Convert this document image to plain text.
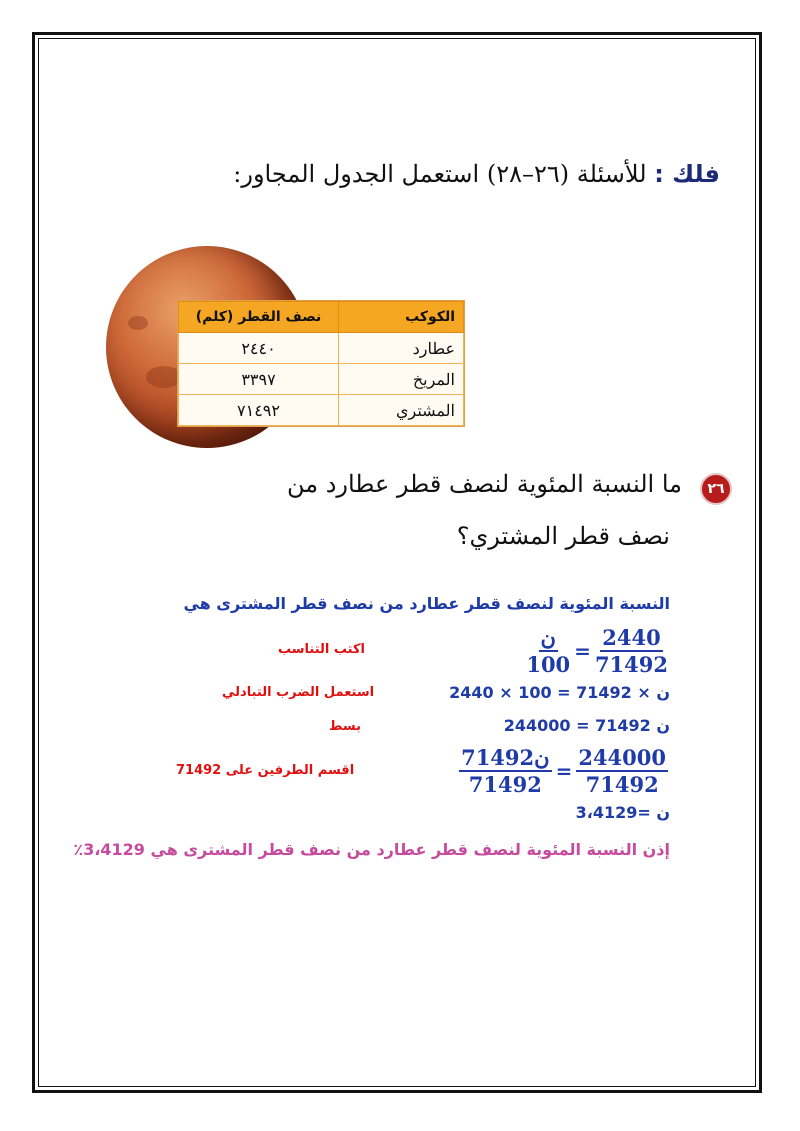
فلك : للأسئلة (٢٦–٢٨) استعمل الجدول المجاور:
الكوكب	نصف القطر (كلم)
عطارد	٢٤٤٠
المريخ	٣٣٩٧
المشتري	٧١٤٩٢
٢٦
ما النسبة المئوية لنصف قطر عطارد من
نصف قطر المشتري؟
النسبة المئوية لنصف قطر عطارد من نصف قطر المشترى هي
$\frac{\text{ن}}{100} = \frac{2440}{71492}$
اكتب التناسب
2440 × 100 = 71492 × ن
استعمل الضرب التبادلي
244000 = 71492 ن
بسط
$\frac{\text{71492ن}}{71492} = \frac{244000}{71492}$
اقسم الطرفين على 71492
ن =3،4129
إذن النسبة المئوية لنصف قطر عطارد من نصف قطر المشترى هي 3،4129٪
